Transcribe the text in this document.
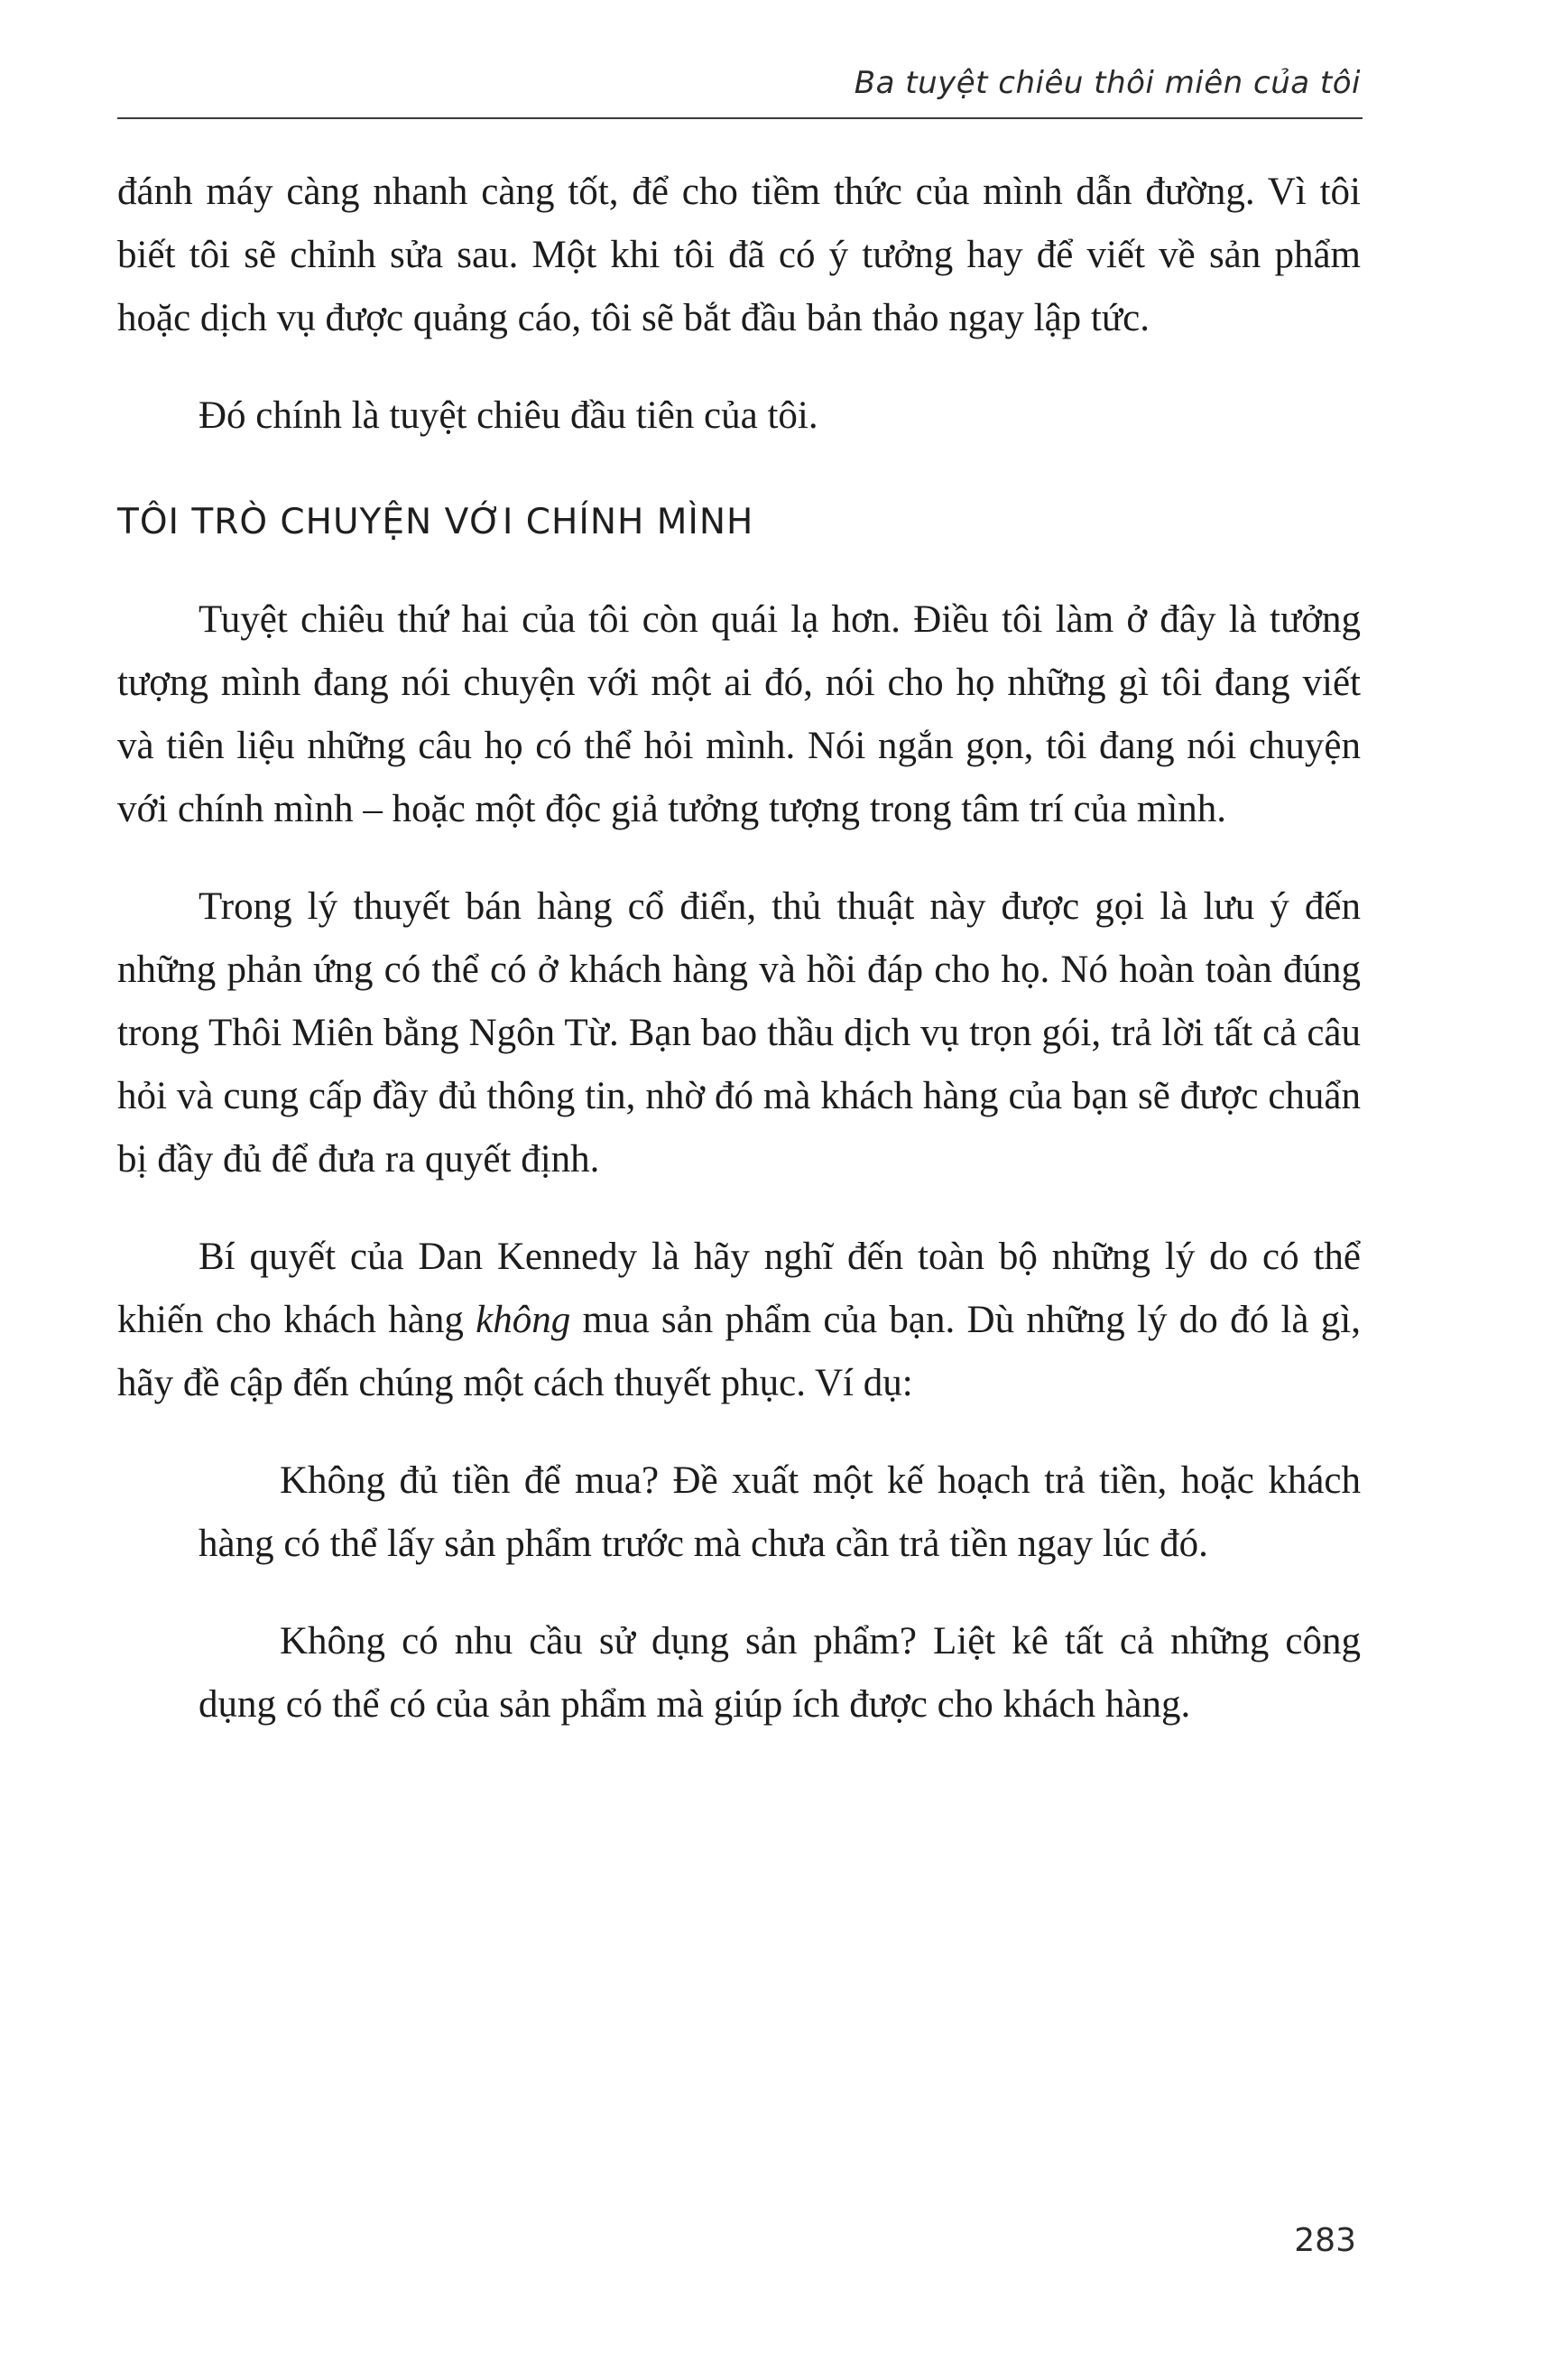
Ba tuyệt chiêu thôi miên của tôi

đánh máy càng nhanh càng tốt, để cho tiềm thức của mình dẫn đường. Vì tôi biết tôi sẽ chỉnh sửa sau. Một khi tôi đã có ý tưởng hay để viết về sản phẩm hoặc dịch vụ được quảng cáo, tôi sẽ bắt đầu bản thảo ngay lập tức.

Đó chính là tuyệt chiêu đầu tiên của tôi.

TÔI TRÒ CHUYỆN VỚI CHÍNH MÌNH

Tuyệt chiêu thứ hai của tôi còn quái lạ hơn. Điều tôi làm ở đây là tưởng tượng mình đang nói chuyện với một ai đó, nói cho họ những gì tôi đang viết và tiên liệu những câu họ có thể hỏi mình. Nói ngắn gọn, tôi đang nói chuyện với chính mình – hoặc một độc giả tưởng tượng trong tâm trí của mình.

Trong lý thuyết bán hàng cổ điển, thủ thuật này được gọi là lưu ý đến những phản ứng có thể có ở khách hàng và hồi đáp cho họ. Nó hoàn toàn đúng trong Thôi Miên bằng Ngôn Từ. Bạn bao thầu dịch vụ trọn gói, trả lời tất cả câu hỏi và cung cấp đầy đủ thông tin, nhờ đó mà khách hàng của bạn sẽ được chuẩn bị đầy đủ để đưa ra quyết định.

Bí quyết của Dan Kennedy là hãy nghĩ đến toàn bộ những lý do có thể khiến cho khách hàng không mua sản phẩm của bạn. Dù những lý do đó là gì, hãy đề cập đến chúng một cách thuyết phục. Ví dụ:

Không đủ tiền để mua? Đề xuất một kế hoạch trả tiền, hoặc khách hàng có thể lấy sản phẩm trước mà chưa cần trả tiền ngay lúc đó.

Không có nhu cầu sử dụng sản phẩm? Liệt kê tất cả những công dụng có thể có của sản phẩm mà giúp ích được cho khách hàng.

283
